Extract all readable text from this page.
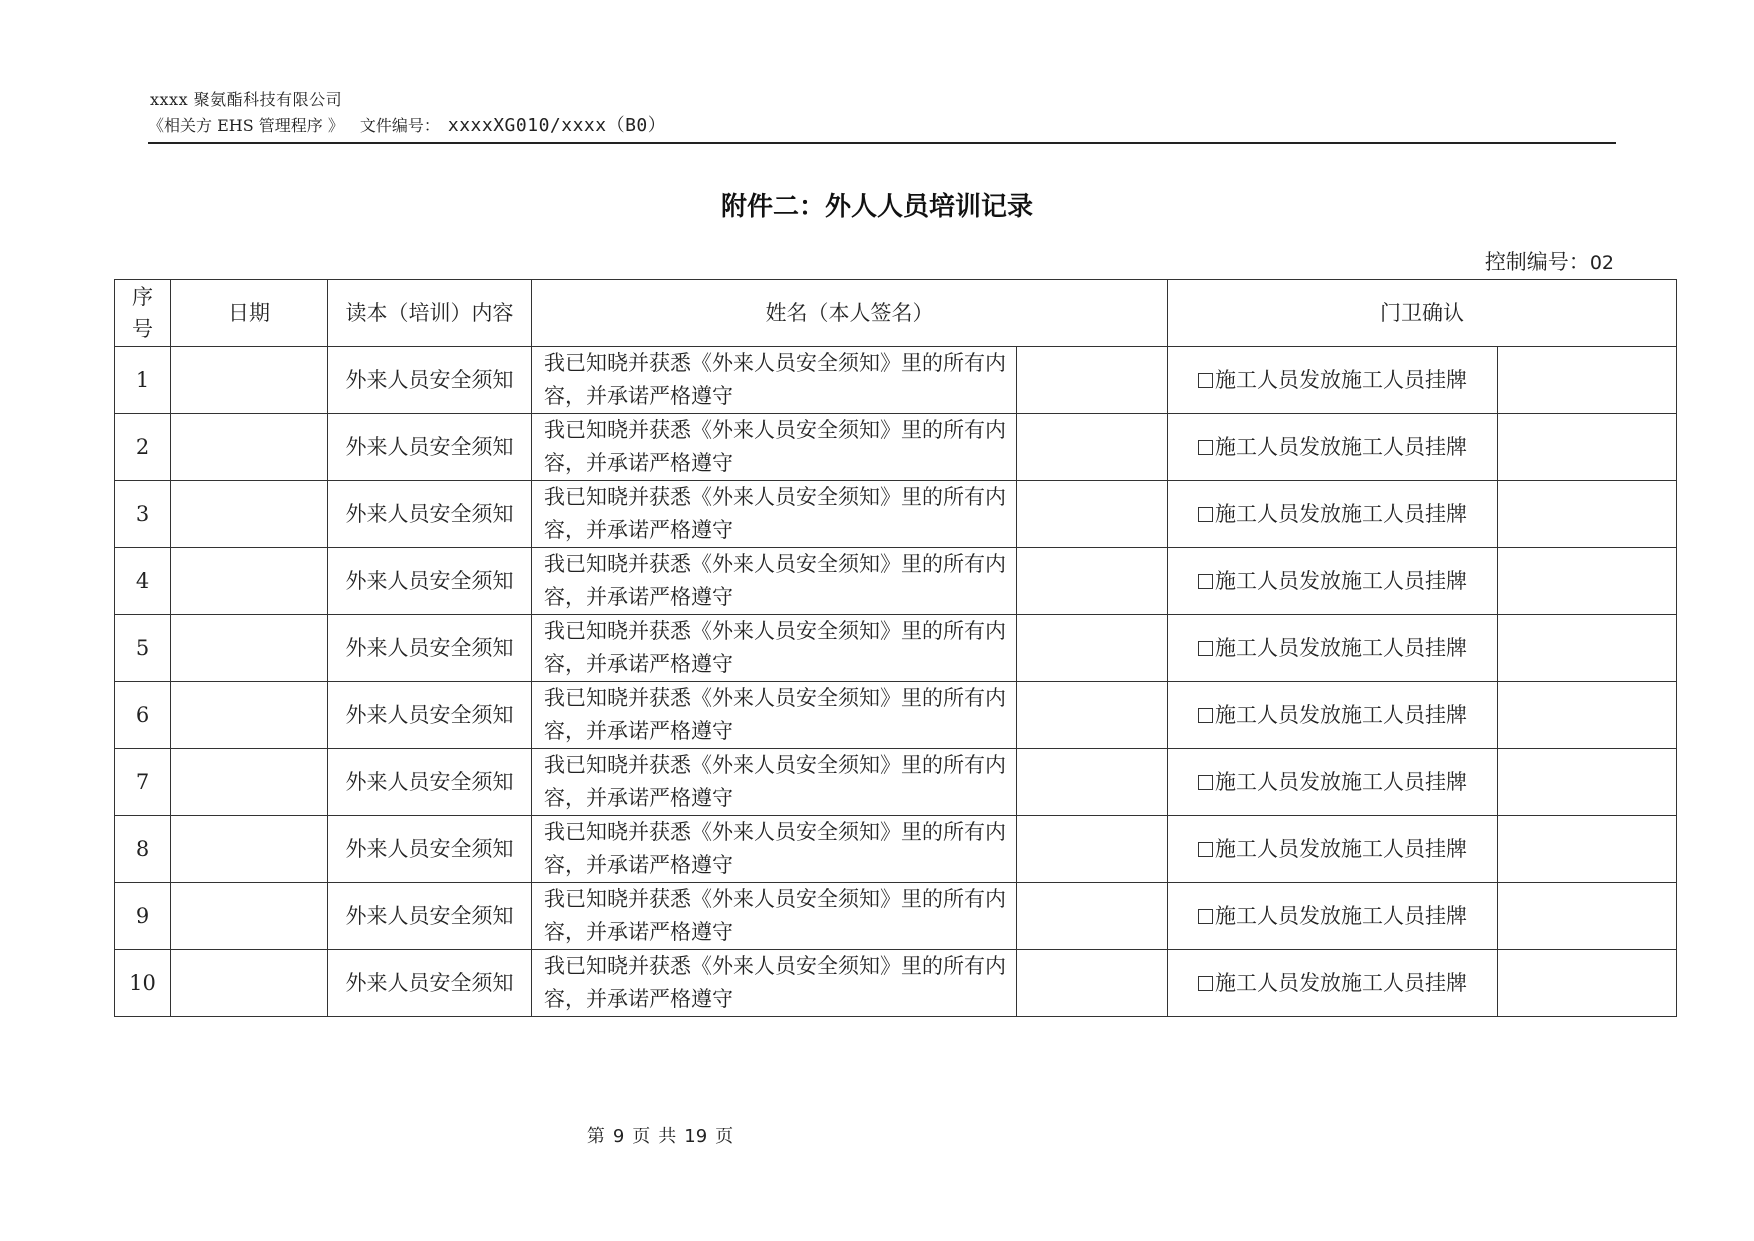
xxxx 聚氨酯科技有限公司
《相关方 EHS 管理程序 》 文件编号： xxxxXG010/xxxx（B0）
附件二：外人人员培训记录
控制编号：02
序号	日期	读本（培训）内容	姓名（本人签名）		门卫确认	
1		外来人员安全须知	我已知晓并获悉《外来人员安全须知》里的所有内容，并承诺严格遵守		施工人员发放施工人员挂牌	
2		外来人员安全须知	我已知晓并获悉《外来人员安全须知》里的所有内容，并承诺严格遵守		施工人员发放施工人员挂牌	
3		外来人员安全须知	我已知晓并获悉《外来人员安全须知》里的所有内容，并承诺严格遵守		施工人员发放施工人员挂牌	
4		外来人员安全须知	我已知晓并获悉《外来人员安全须知》里的所有内容，并承诺严格遵守		施工人员发放施工人员挂牌	
5		外来人员安全须知	我已知晓并获悉《外来人员安全须知》里的所有内容，并承诺严格遵守		施工人员发放施工人员挂牌	
6		外来人员安全须知	我已知晓并获悉《外来人员安全须知》里的所有内容，并承诺严格遵守		施工人员发放施工人员挂牌	
7		外来人员安全须知	我已知晓并获悉《外来人员安全须知》里的所有内容，并承诺严格遵守		施工人员发放施工人员挂牌	
8		外来人员安全须知	我已知晓并获悉《外来人员安全须知》里的所有内容，并承诺严格遵守		施工人员发放施工人员挂牌	
9		外来人员安全须知	我已知晓并获悉《外来人员安全须知》里的所有内容，并承诺严格遵守		施工人员发放施工人员挂牌	
10		外来人员安全须知	我已知晓并获悉《外来人员安全须知》里的所有内容，并承诺严格遵守		施工人员发放施工人员挂牌	
第 9 页 共 19 页
